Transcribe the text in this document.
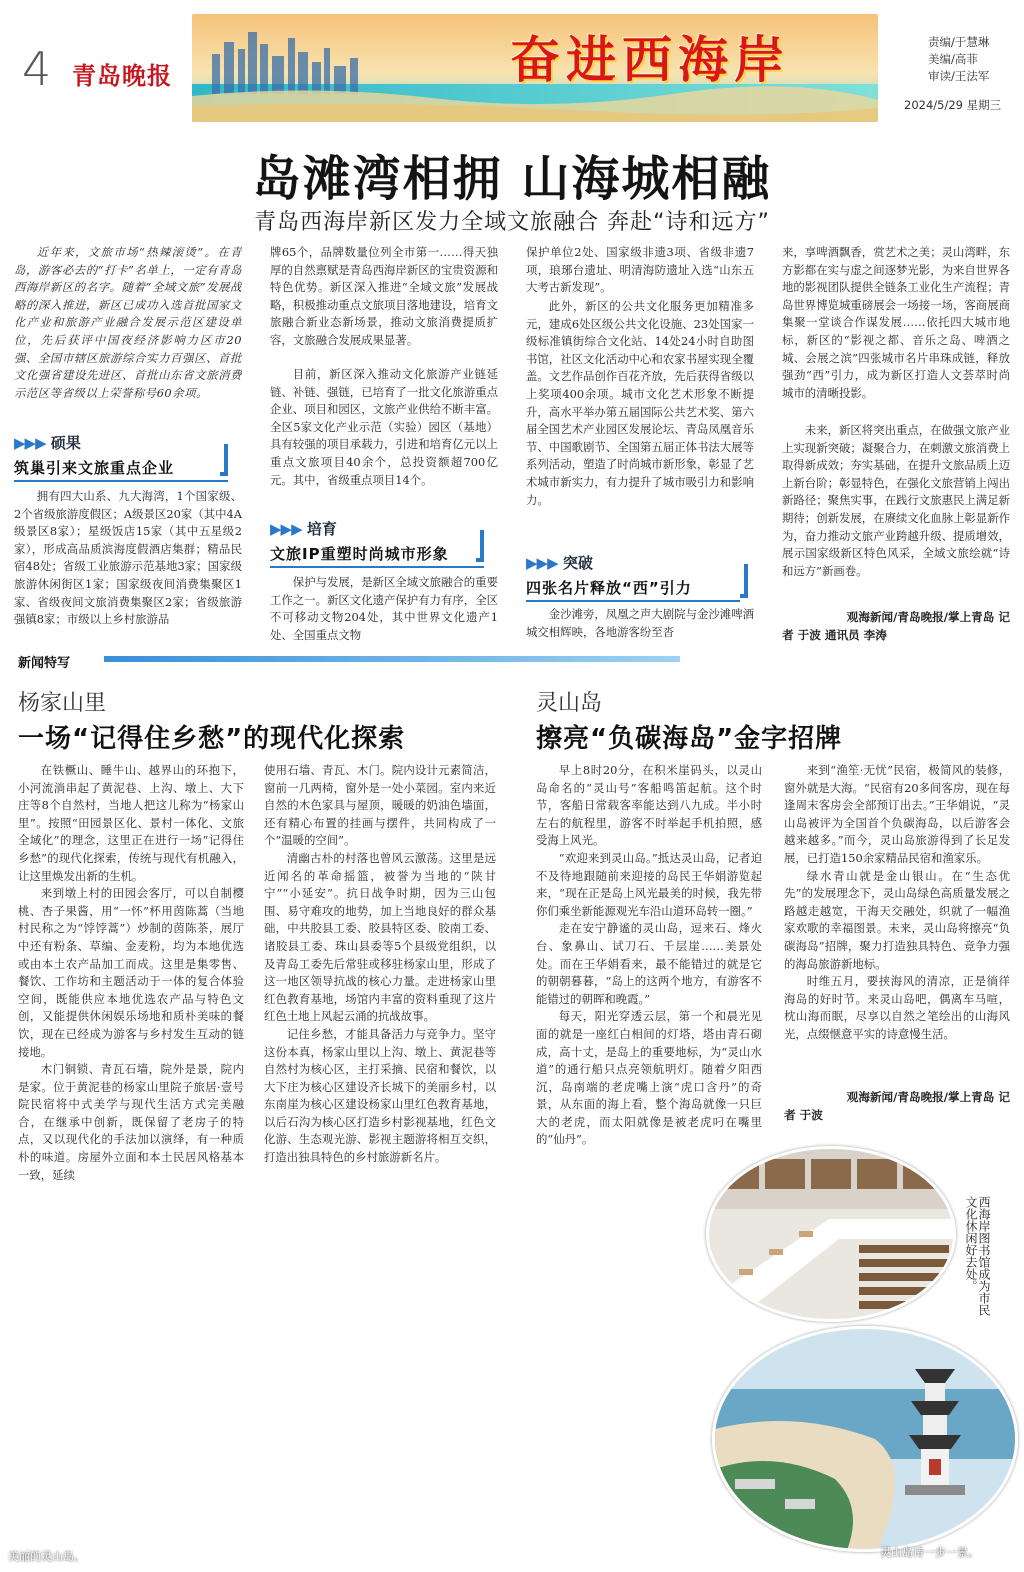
4 青岛晚报	奋进西海岸	责编/于慧琳
美编/高菲
审读/王法军
2024/5/29 星期三
岛滩湾相拥 山海城相融
青岛西海岸新区发力全域文旅融合 奔赴“诗和远方”

近年来，文旅市场“热辣滚烫”。在青岛，游客必去的“打卡”名单上，一定有青岛西海岸新区的名字。随着“全域文旅”发展战略的深入推进，新区已成功入选首批国家文化产业和旅游产业融合发展示范区建设单位，先后获评中国夜经济影响力区市20强、全国市辖区旅游综合实力百强区、首批文化强省建设先进区、首批山东省文旅消费示范区等省级以上荣誉称号60余项。

▶▶▶ 硕果
筑巢引来文旅重点企业

拥有四大山系、九大海湾，1个国家级、2个省级旅游度假区；A级景区20家（其中4A级景区8家）；星级饭店15家（其中五星级2家），形成高品质滨海度假酒店集群；精品民宿48处；省级工业旅游示范基地3家；国家级旅游休闲街区1家；国家级夜间消费集聚区1家、省级夜间文旅消费集聚区2家；省级旅游强镇8家；市级以上乡村旅游品

牌65个，品牌数量位列全市第一……得天独厚的自然禀赋是青岛西海岸新区的宝贵资源和特色优势。新区深入推进“全域文旅”发展战略，积极推动重点文旅项目落地建设，培育文旅融合新业态新场景，推动文旅消费提质扩容，文旅融合发展成果显著。

目前，新区深入推动文化旅游产业链延链、补链、强链，已培育了一批文化旅游重点企业、项目和园区，文旅产业供给不断丰富。全区5家文化产业示范（实验）园区（基地）具有较强的项目承载力，引进和培育亿元以上重点文旅项目40余个，总投资额超700亿元。其中，省级重点项目14个。

▶▶▶ 培育
文旅IP重塑时尚城市形象

保护与发展，是新区全域文旅融合的重要工作之一。新区文化遗产保护有力有序，全区不可移动文物204处，其中世界文化遗产1处、全国重点文物

保护单位2处、国家级非遗3项、省级非遗7项，琅琊台遗址、明清海防遗址入选“山东五大考古新发现”。

此外，新区的公共文化服务更加精准多元，建成6处区级公共文化设施、23处国家一级标准镇街综合文化站、14处24小时自助图书馆，社区文化活动中心和农家书屋实现全覆盖。文艺作品创作百花齐放，先后获得省级以上奖项400余项。城市文化艺术形象不断提升，高水平举办第五届国际公共艺术奖、第六届全国艺术产业园区发展论坛、青岛凤凰音乐节、中国歌剧节、全国第五届正体书法大展等系列活动，塑造了时尚城市新形象，彰显了艺术城市新实力，有力提升了城市吸引力和影响力。

▶▶▶ 突破
四张名片释放“西”引力

金沙滩旁，凤凰之声大剧院与金沙滩啤酒城交相辉映，各地游客纷至沓

来，享啤酒飘香，赏艺术之美；灵山湾畔，东方影都在实与虚之间逐梦光影，为来自世界各地的影视团队提供全链条工业化生产流程；青岛世界博览城重磅展会一场接一场，客商展商集聚一堂谈合作谋发展……依托四大城市地标，新区的“影视之都、音乐之岛、啤酒之城、会展之滨”四张城市名片串珠成链，释放强劲“西”引力，成为新区打造人文荟萃时尚城市的清晰投影。

未来，新区将突出重点，在做强文旅产业上实现新突破；凝聚合力，在刺激文旅消费上取得新成效；夯实基础，在提升文旅品质上迈上新台阶；彰显特色，在强化文旅营销上闯出新路径；聚焦实事，在践行文旅惠民上满足新期待；创新发展，在赓续文化血脉上彰显新作为，奋力推动文旅产业跨越升级、提质增效，展示国家级新区特色风采，全域文旅绘就“诗和远方”新画卷。

观海新闻/青岛晚报/掌上青岛 记
者 于波 通讯员 李涛
新闻特写
杨家山里
一场“记得住乡愁”的现代化探索

在铁橛山、睡牛山、越界山的环抱下，小河流淌串起了黄泥巷、上沟、墩上、大下庄等8个自然村，当地人把这儿称为“杨家山里”。按照“田园景区化、景村一体化、文旅全域化”的理念，这里正在进行一场“记得住乡愁”的现代化探索，传统与现代有机融入，让这里焕发出新的生机。

来到墩上村的田园会客厅，可以自制樱桃、杏子果酱，用“一怀”杯用茵陈蒿（当地村民称之为“饽饽蒿”）炒制的茵陈茶，展厅中还有粉条、草编、金麦粉，均为本地优选或由本土农产品加工而成。这里是集零售、餐饮、工作坊和主题活动于一体的复合体验空间，既能供应本地优选农产品与特色文创，又能提供休闲娱乐场地和质朴美味的餐饮，现在已经成为游客与乡村发生互动的链接地。

木门铜锁、青瓦石墙，院外是景，院内是家。位于黄泥巷的杨家山里院子旅居·壹号院民宿将中式美学与现代生活方式完美融合，在继承中创新，既保留了老房子的特点，又以现代化的手法加以演绎，有一种质朴的味道。房屋外立面和本土民居风格基本一致，延续

使用石墙、青瓦、木门。院内设计元素简洁，窗前一几两椅，窗外是一处小菜园。室内来近自然的木色家具与屋顶，暖暖的奶油色墙面，还有精心布置的挂画与摆件，共同构成了一个“温暖的空间”。

清幽古朴的村落也曾风云激荡。这里是远近闻名的革命摇篮，被誉为当地的“陕甘宁”“小延安”。抗日战争时期，因为三山包围、易守难攻的地势，加上当地良好的群众基础，中共胶县工委、胶县特区委、胶南工委、诸胶县工委、珠山县委等5个县级党组织，以及青岛工委先后常驻或移驻杨家山里，形成了这一地区领导抗战的核心力量。走进杨家山里红色教育基地，场馆内丰富的资料重现了这片红色土地上风起云涌的抗战故事。

记住乡愁，才能具备活力与竞争力。坚守这份本真，杨家山里以上沟、墩上、黄泥巷等自然村为核心区，主打采摘、民宿和餐饮，以大下庄为核心区建设齐长城下的美丽乡村，以东南崖为核心区建设杨家山里红色教育基地，以后石沟为核心区打造乡村影视基地，红色文化游、生态观光游、影视主题游将相互交织，打造出独具特色的乡村旅游新名片。

灵山岛
擦亮“负碳海岛”金字招牌

早上8时20分，在积米崖码头，以灵山岛命名的“灵山号”客船鸣笛起航。这个时节，客船日常载客率能达到八九成。半小时左右的航程里，游客不时举起手机拍照，感受海上风光。

“欢迎来到灵山岛。”抵达灵山岛，记者迫不及待地跟随前来迎接的岛民王华娟游览起来，“现在正是岛上风光最美的时候，我先带你们乘坐新能源观光车沿山道环岛转一圈。”

走在安宁静谧的灵山岛，逗来石、烽火台、象鼻山、试刀石、千层崖……美景处处。而在王华娟看来，最不能错过的就是它的朝朝暮暮，“岛上的这两个地方，有游客不能错过的朝晖和晚霞。”

每天，阳光穿透云层，第一个和晨光见面的就是一座红白相间的灯塔，塔由青石砌成，高十丈，是岛上的重要地标，为“灵山水道”的通行船只点亮领航明灯。随着夕阳西沉，岛南端的老虎嘴上演“虎口含丹”的奇景，从东面的海上看，整个海岛就像一只巨大的老虎，而太阳就像是被老虎叼在嘴里的“仙丹”。

来到“渔笙·无忧”民宿，极简风的装修，窗外就是大海。“民宿有20多间客房，现在每逢周末客房会全部预订出去。”王华娟说，“灵山岛被评为全国首个负碳海岛，以后游客会越来越多。”而今，灵山岛旅游得到了长足发展，已打造150余家精品民宿和渔家乐。

绿水青山就是金山银山。在“生态优先”的发展理念下，灵山岛绿色高质量发展之路越走越宽，干海天交融处，织就了一幅渔家欢歌的幸福图景。未来，灵山岛将擦亮“负碳海岛”招牌，聚力打造独具特色、竞争力强的海岛旅游新地标。

时维五月，要挟海风的清凉，正是徜徉海岛的好时节。来灵山岛吧，偶离车马喧，枕山海而眠，尽享以自然之笔绘出的山海风光，点缀惬意平实的诗意慢生活。

观海新闻/青岛晚报/掌上青岛 记
者 于波
美丽的灵山岛。
西海岸图书馆成为市民文化休闲好去处。
灵山岛诗一步一景。
